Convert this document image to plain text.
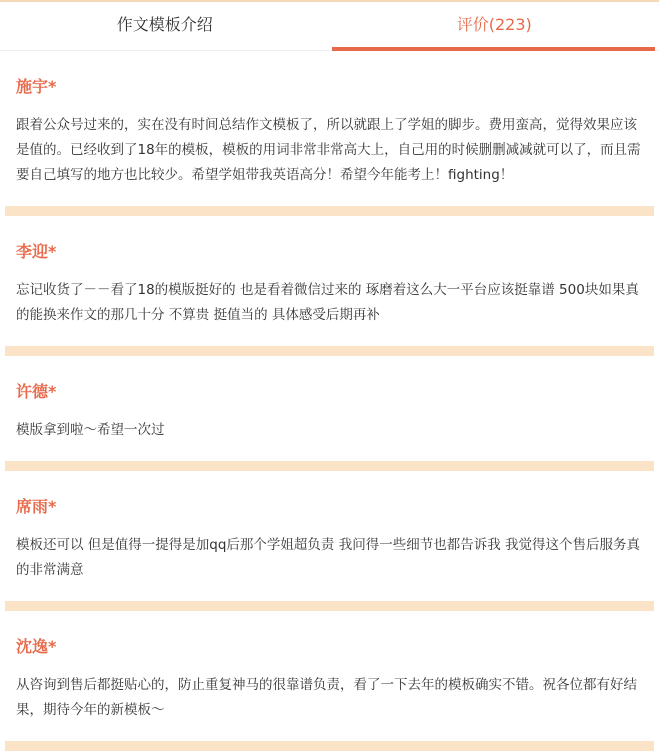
作文模板介绍	评价(223)
施宇*
跟着公众号过来的，实在没有时间总结作文模板了，所以就跟上了学姐的脚步。费用蛮高，觉得效果应该是值的。已经收到了18年的模板，模板的用词非常非常高大上，自己用的时候删删减减就可以了，而且需要自己填写的地方也比较少。希望学姐带我英语高分！希望今年能考上！fighting！
李迎*
忘记收货了－－看了18的模版挺好的 也是看着微信过来的 琢磨着这么大一平台应该挺靠谱 500块如果真的能换来作文的那几十分 不算贵 挺值当的 具体感受后期再补
许德*
模版拿到啦～希望一次过
席雨*
模板还可以 但是值得一提得是加qq后那个学姐超负责 我问得一些细节也都告诉我 我觉得这个售后服务真的非常满意
沈逸*
从咨询到售后都挺贴心的，防止重复神马的很靠谱负责，看了一下去年的模板确实不错。祝各位都有好结果，期待今年的新模板～
